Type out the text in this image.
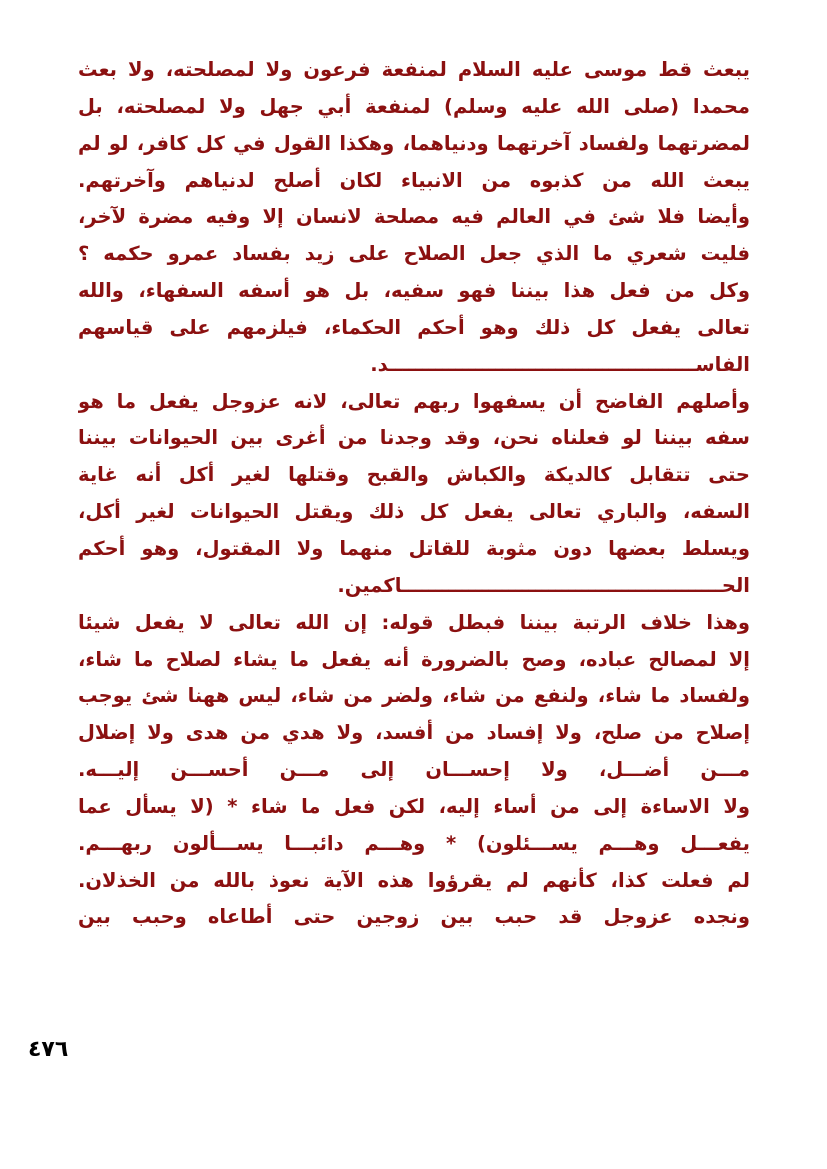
يبعث قط موسى عليه السلام لمنفعة فرعون ولا لمصلحته، ولا بعث
محمدا (صلى الله عليه وسلم) لمنفعة أبي جهل ولا لمصلحته، بل
لمضرتهما ولفساد آخرتهما ودنياهما، وهكذا القول في كل كافر، لو لم
يبعث الله من كذبوه من الانبياء لكان أصلح لدنياهم وآخرتهم.
وأيضا فلا شئ في العالم فيه مصلحة لانسان إلا وفيه مضرة لآخر،
فليت شعري ما الذي جعل الصلاح على زيد بفساد عمرو حكمه ؟
وكل من فعل هذا بيننا فهو سفيه، بل هو أسفه السفهاء، والله
تعالى يفعل كل ذلك وهو أحكم الحكماء، فيلزمهم على قياسهم
الفاســــــــــــــــــــــــــــــــــــــــــــــد.
وأصلهم الفاضح أن يسفهوا ربهم تعالى، لانه عزوجل يفعل ما هو
سفه بيننا لو فعلناه نحن، وقد وجدنا من أغرى بين الحيوانات بيننا
حتى تتقابل كالديكة والكباش والقبح وقتلها لغير أكل أنه غاية
السفه، والباري تعالى يفعل كل ذلك ويقتل الحيوانات لغير أكل،
ويسلط بعضها دون مثوبة للقاتل منهما ولا المقتول، وهو أحكم
الحــــــــــــــــــــــــــــــــــــــــــــــــاكمين.
وهذا خلاف الرتبة بيننا فبطل قوله: إن الله تعالى لا يفعل شيئا
إلا لمصالح عباده، وصح بالضرورة أنه يفعل ما يشاء لصلاح ما شاء،
ولفساد ما شاء، ولنفع من شاء، ولضر من شاء، ليس ههنا شئ يوجب
إصلاح من صلح، ولا إفساد من أفسد، ولا هدي من هدى ولا إضلال
مـــن أضـــل، ولا إحســـان إلى مـــن أحســـن إليـــه.
ولا الاساءة إلى من أساء إليه، لكن فعل ما شاء * (لا يسأل عما
يفعـــل وهـــم يســـئلون) * وهـــم دائبـــا يســـألون ربهـــم.
لم فعلت كذا، كأنهم لم يقرؤوا هذه الآية نعوذ بالله من الخذلان.
ونجده عزوجل قد حبب بين زوجين حتى أطاعاه وحبب بين
٤٧٦
